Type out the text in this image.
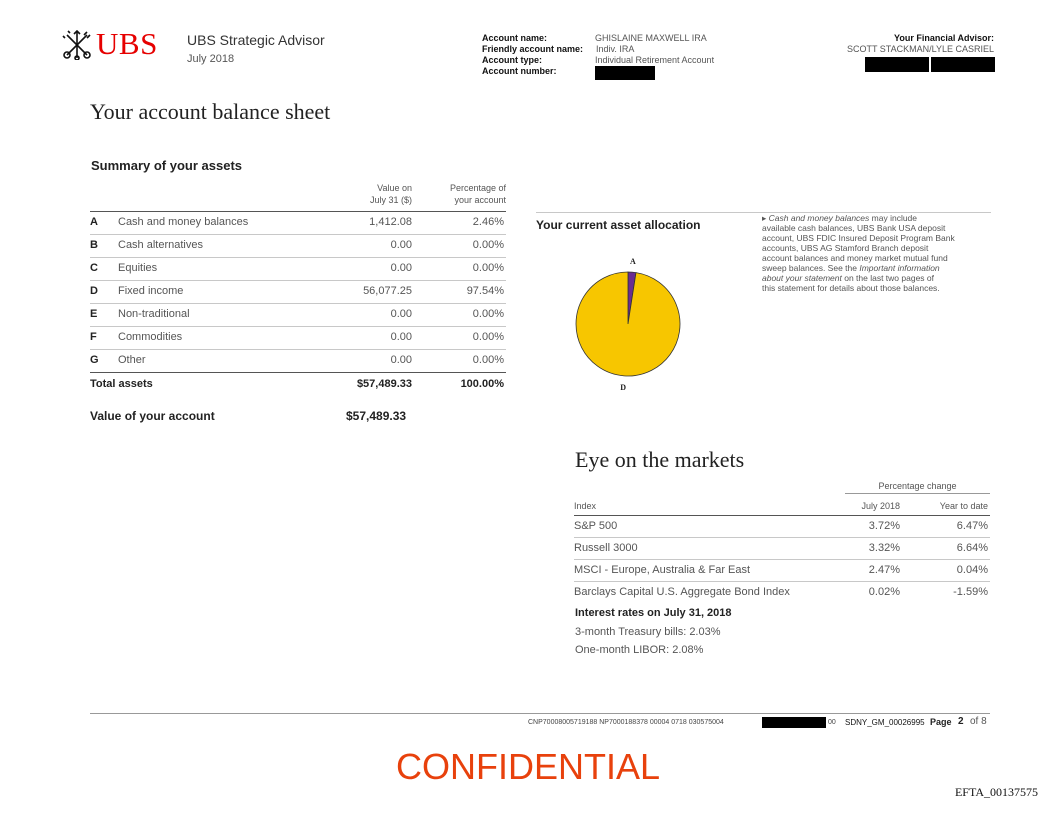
UBS UBS Strategic Advisor
July 2018
Account name:	GHISLAINE MAXWELL IRA
Friendly account name: Indiv. IRA
Account type:	Individual Retirement Account
Account number:
Your Financial Advisor:
SCOTT STACKMAN/LYLE CASRIEL
Your account balance sheet
Summary of your assets
Value on
July 31 ($)
Percentage of
your account
A Cash and money balances	1,412.08	2.46%
B Cash alternatives	0.00	0.00%
C Equities	0.00	0.00%
D Fixed income	56,077.25	97.54%
E Non-traditional	0.00	0.00%
F Commodities	0.00	0.00%
G Other	0.00	0.00%
Total assets	$57,489.33	100.00%
Value of your account	$57,489.33
Your current asset allocation
A
D
▸ Cash and money balances may include
available cash balances, UBS Bank USA deposit
account, UBS FDIC Insured Deposit Program Bank
accounts, UBS AG Stamford Branch deposit
account balances and money market mutual fund
sweep balances. See the Important information
about your statement on the last two pages of
this statement for details about those balances.
Eye on the markets
Percentage change
Index	July 2018	Year to date
S&P 500	3.72%	6.47%
Russell 3000	3.32%	6.64%
MSCI - Europe, Australia & Far East	2.47%	0.04%
Barclays Capital U.S. Aggregate Bond Index	0.02%	-1.59%
Interest rates on July 31, 2018
3-month Treasury bills: 2.03%
One-month LIBOR: 2.08%
CNP70008005719188 NP7000188378 00004 0718 030575004	00 SDNY_GM_00026995 Page 2 of 8
CONFIDENTIAL
EFTA_00137575
